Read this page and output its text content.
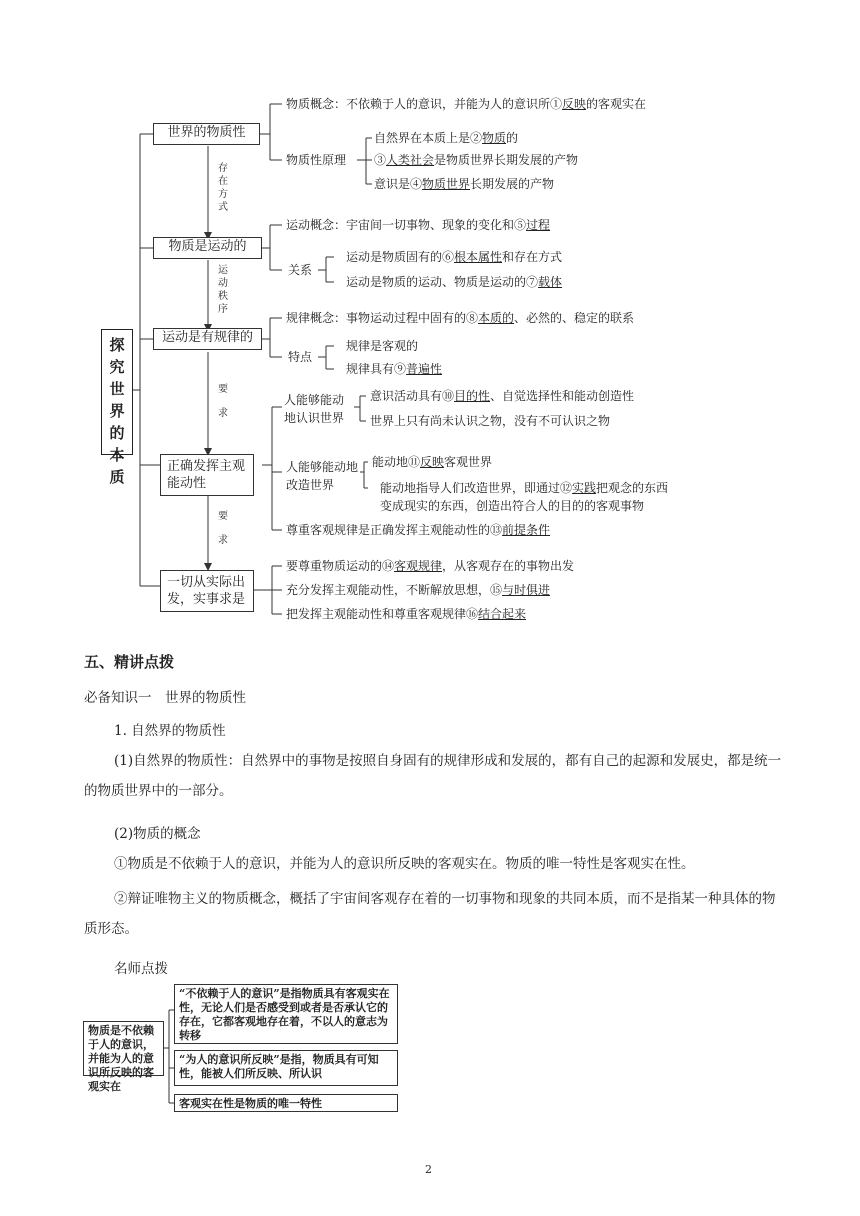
探究世界的本质
世界的物质性
物质概念：不依赖于人的意识，并能为人的意识所①反映的客观实在
物质性原理
自然界在本质上是②物质的
③人类社会是物质世界长期发展的产物
意识是④物质世界长期发展的产物
存在方式
物质是运动的
运动概念：宇宙间一切事物、现象的变化和⑤过程
关系
运动是物质固有的⑥根本属性和存在方式
运动是物质的运动、物质是运动的⑦载体
运动秩序
运动是有规律的
规律概念：事物运动过程中固有的⑧本质的、必然的、稳定的联系
特点
规律是客观的
规律具有⑨普遍性
要求
正确发挥主观能动性
人能够能动地认识世界
意识活动具有⑩目的性、自觉选择性和能动创造性
世界上只有尚未认识之物，没有不可认识之物
人能够能动地改造世界
能动地⑪反映客观世界
能动地指导人们改造世界，即通过⑫实践把观念的东西
变成现实的东西，创造出符合人的目的的客观事物
尊重客观规律是正确发挥主观能动性的⑬前提条件
要求
一切从实际出发，实事求是
要尊重物质运动的⑭客观规律，从客观存在的事物出发
充分发挥主观能动性，不断解放思想，⑮与时俱进
把发挥主观能动性和尊重客观规律⑯结合起来
五、精讲点拨
必备知识一　世界的物质性
1. 自然界的物质性
(1)自然界的物质性：自然界中的事物是按照自身固有的规律形成和发展的，都有自己的起源和发展史，都是统一的物质世界中的一部分。
(2)物质的概念
①物质是不依赖于人的意识，并能为人的意识所反映的客观实在。物质的唯一特性是客观实在性。
②辩证唯物主义的物质概念，概括了宇宙间客观存在着的一切事物和现象的共同本质，而不是指某一种具体的物质形态。
名师点拨
物质是不依赖于人的意识，并能为人的意识所反映的客观实在
“不依赖于人的意识”是指物质具有客观实在性，无论人们是否感受到或者是否承认它的存在，它都客观地存在着，不以人的意志为转移
“为人的意识所反映”是指，物质具有可知性，能被人们所反映、所认识
客观实在性是物质的唯一特性
2
